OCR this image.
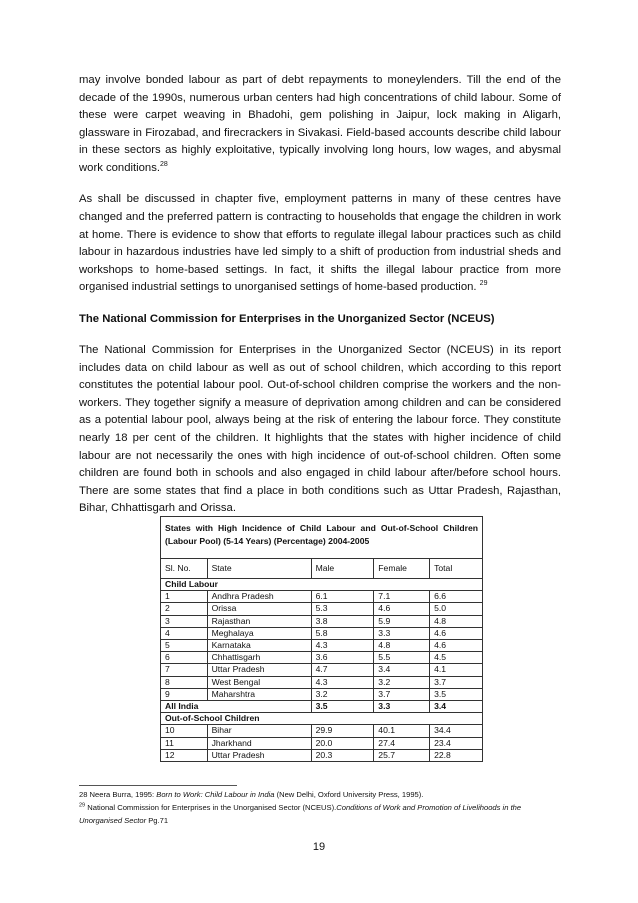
may involve bonded labour as part of debt repayments to moneylenders. Till the end of the decade of the 1990s, numerous urban centers had high concentrations of child labour. Some of these were carpet weaving in Bhadohi, gem polishing in Jaipur, lock making in Aligarh, glassware in Firozabad, and firecrackers in Sivakasi. Field-based accounts describe child labour in these sectors as highly exploitative, typically involving long hours, low wages, and abysmal work conditions.$^{28}$

As shall be discussed in chapter five, employment patterns in many of these centres have changed and the preferred pattern is contracting to households that engage the children in work at home. There is evidence to show that efforts to regulate illegal labour practices such as child labour in hazardous industries have led simply to a shift of production from industrial sheds and workshops to home-based settings. In fact, it shifts the illegal labour practice from more organised industrial settings to unorganised settings of home-based production. $^{29}$

The National Commission for Enterprises in the Unorganized Sector (NCEUS)

The National Commission for Enterprises in the Unorganized Sector (NCEUS) in its report includes data on child labour as well as out of school children, which according to this report constitutes the potential labour pool. Out-of-school children comprise the workers and the non-workers. They together signify a measure of deprivation among children and can be considered as a potential labour pool, always being at the risk of entering the labour force. They constitute nearly 18 per cent of the children. It highlights that the states with higher incidence of child labour are not necessarily the ones with high incidence of out-of-school children. Often some children are found both in schools and also engaged in child labour after/before school hours. There are some states that find a place in both conditions such as Uttar Pradesh, Rajasthan, Bihar, Chhattisgarh and Orissa.

States with High Incidence of Child Labour and Out-of-School Children (Labour Pool) (5-14 Years) (Percentage) 2004-2005				
Sl. No.	State	Male	Female	Total
Child Labour				
1	Andhra Pradesh	6.1	7.1	6.6
2	Orissa	5.3	4.6	5.0
3	Rajasthan	3.8	5.9	4.8
4	Meghalaya	5.8	3.3	4.6
5	Karnataka	4.3	4.8	4.6
6	Chhattisgarh	3.6	5.5	4.5
7	Uttar Pradesh	4.7	3.4	4.1
8	West Bengal	4.3	3.2	3.7
9	Maharshtra	3.2	3.7	3.5
All India		3.5	3.3	3.4
Out-of-School Children				
10	Bihar	29.9	40.1	34.4
11	Jharkhand	20.0	27.4	23.4
12	Uttar Pradesh	20.3	25.7	22.8

28 Neera Burra, 1995: Born to Work: Child Labour in India (New Delhi, Oxford University Press, 1995).

$^{29}$ National Commission for Enterprises in the Unorganised Sector (NCEUS).Conditions of Work and Promotion of Livelihoods in the Unorganised Sector Pg.71

19
